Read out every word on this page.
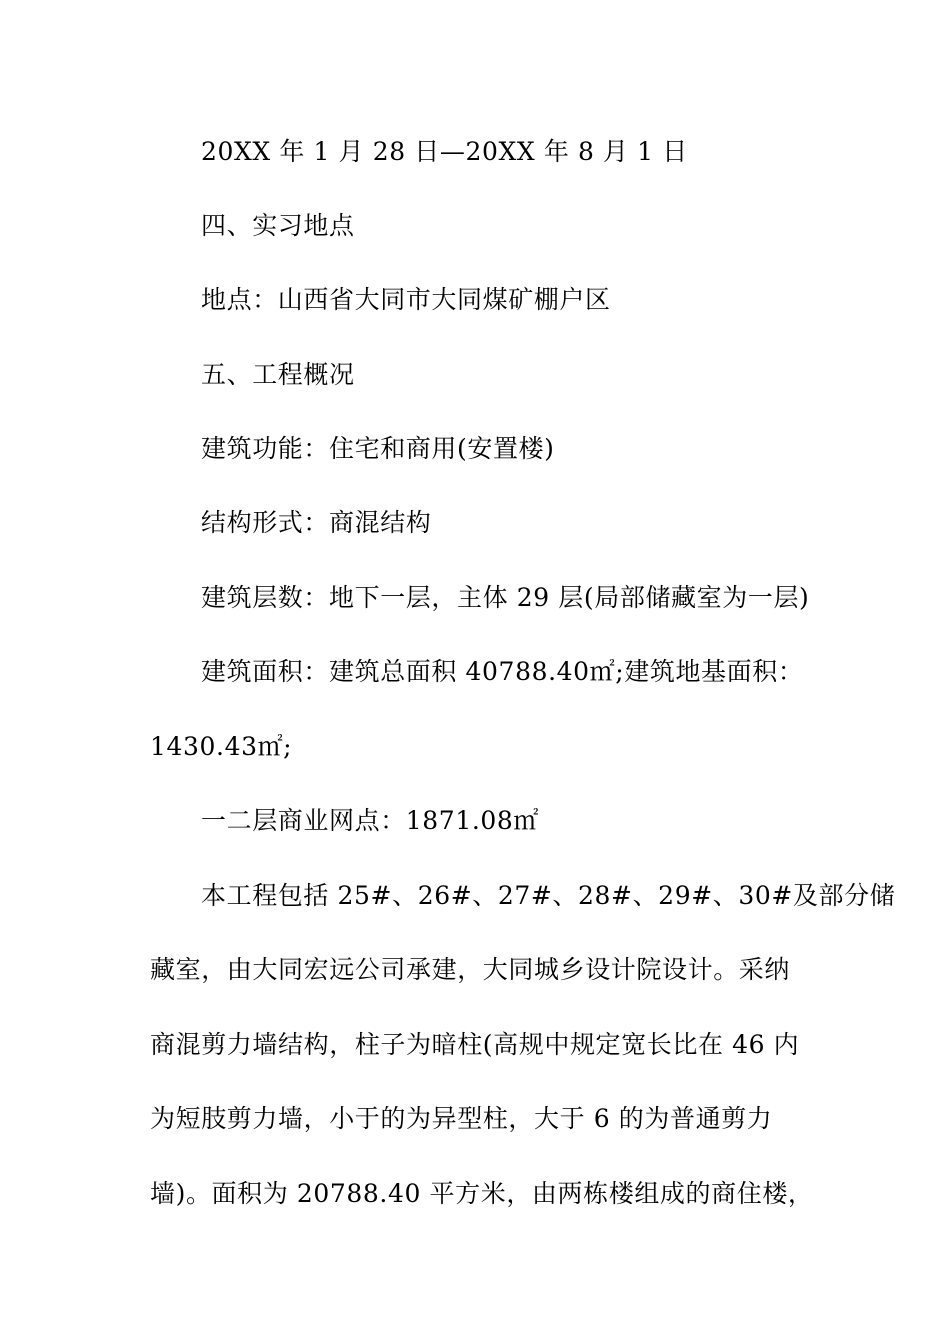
20XX 年 1 月 28 日—20XX 年 8 月 1 日
四、实习地点
地点：山西省大同市大同煤矿棚户区
五、工程概况
建筑功能：住宅和商用(安置楼)
结构形式：商混结构
建筑层数：地下一层，主体 29 层(局部储藏室为一层)
建筑面积：建筑总面积 40788.40㎡;建筑地基面积：
1430.43㎡;
一二层商业网点：1871.08㎡
本工程包括 25#、26#、27#、28#、29#、30#及部分储
藏室，由大同宏远公司承建，大同城乡设计院设计。采纳
商混剪力墙结构，柱子为暗柱(高规中规定宽长比在 46 内
为短肢剪力墙，小于的为异型柱，大于 6 的为普通剪力
墙)。面积为 20788.40 平方米，由两栋楼组成的商住楼，
